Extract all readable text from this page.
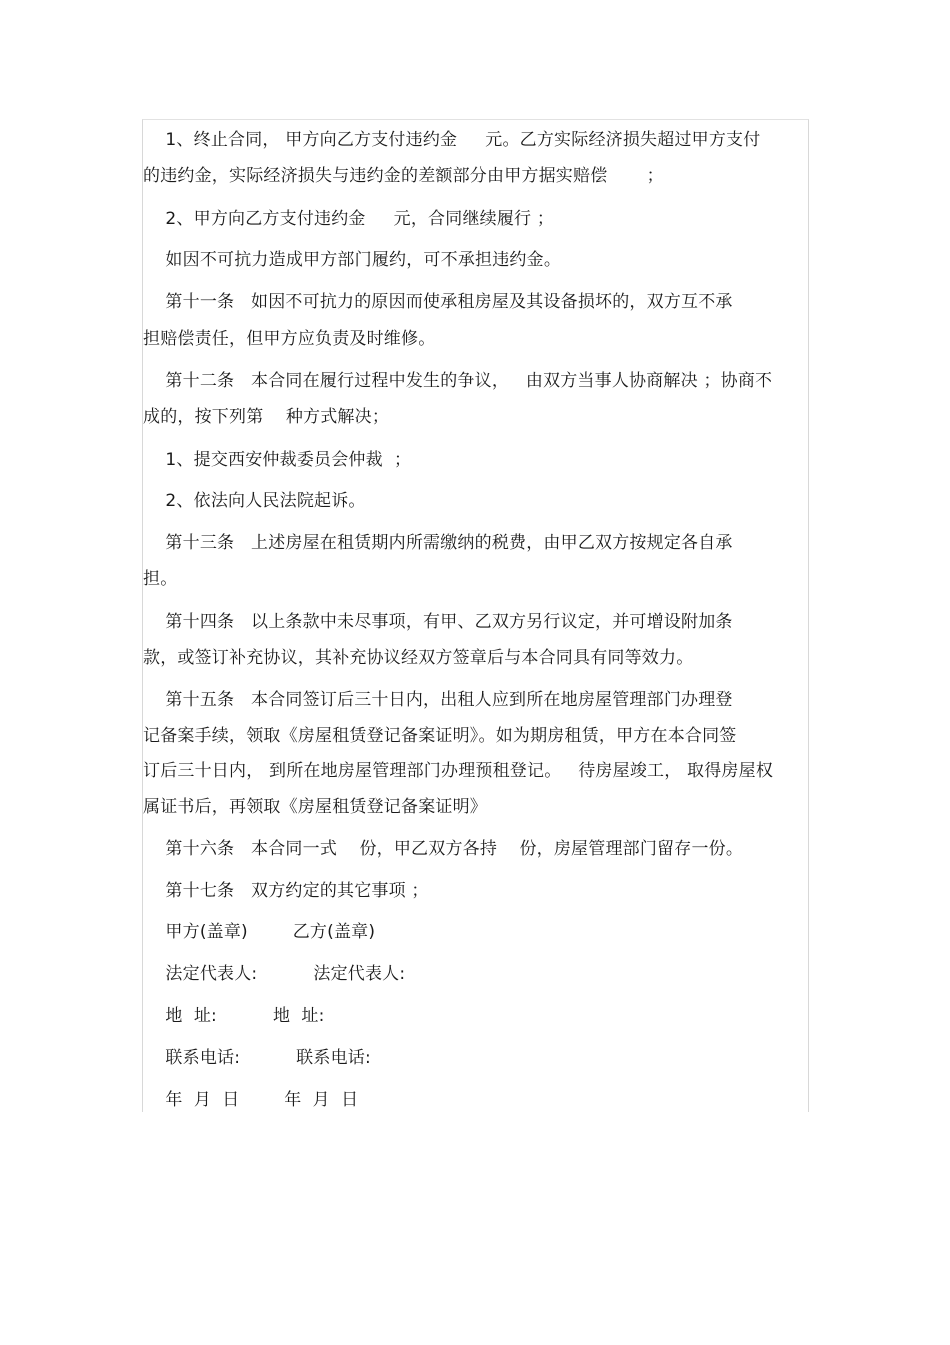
1、终止合同， 甲方向乙方支付违约金     元。乙方实际经济损失超过甲方支付
的违约金，实际经济损失与违约金的差额部分由甲方据实赔偿       ；
2、甲方向乙方支付违约金     元，合同继续履行 ；
如因不可抗力造成甲方部门履约，可不承担违约金。
第十一条   如因不可抗力的原因而使承租房屋及其设备损坏的，双方互不承
担赔偿责任，但甲方应负责及时维修。
第十二条   本合同在履行过程中发生的争议，   由双方当事人协商解决 ；协商不
成的，按下列第    种方式解决；
1、提交西安仲裁委员会仲裁  ；
2、依法向人民法院起诉。
第十三条   上述房屋在租赁期内所需缴纳的税费，由甲乙双方按规定各自承
担。
第十四条   以上条款中未尽事项，有甲、乙双方另行议定，并可增设附加条
款，或签订补充协议，其补充协议经双方签章后与本合同具有同等效力。
第十五条   本合同签订后三十日内，出租人应到所在地房屋管理部门办理登
记备案手续，领取《房屋租赁登记备案证明》。如为期房租赁，甲方在本合同签
订后三十日内， 到所在地房屋管理部门办理预租登记。   待房屋竣工， 取得房屋权
属证书后，再领取《房屋租赁登记备案证明》
第十六条   本合同一式    份，甲乙双方各持    份，房屋管理部门留存一份。
第十七条   双方约定的其它事项 ；
甲方(盖章)        乙方(盖章)
法定代表人:          法定代表人:
地  址:          地  址:
联系电话:          联系电话:
年  月  日        年  月  日
